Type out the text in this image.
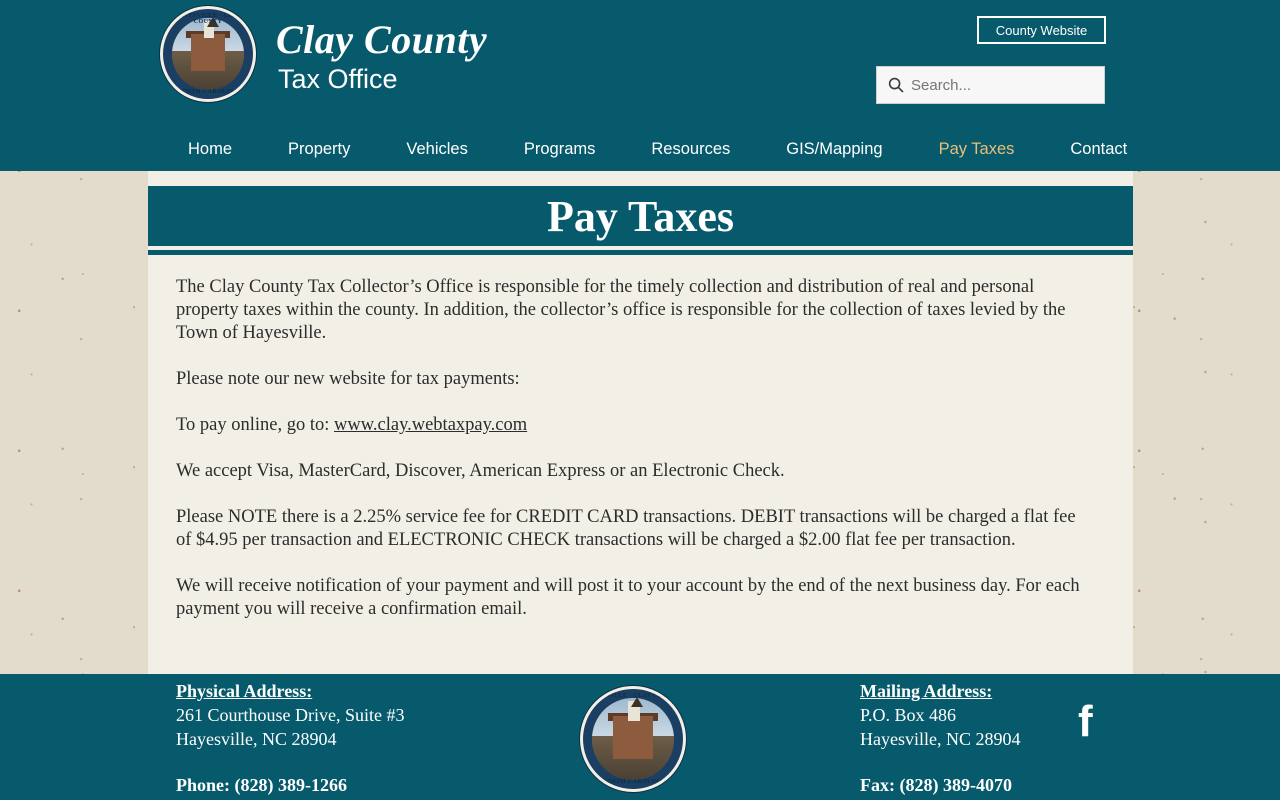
HAYESVILLE · CLAY COUNTY
NORTH CAROLINA
Clay County
Tax Office
County Website
Search...
Home	Property	Vehicles	Programs	Resources	GIS/Mapping	Pay Taxes	Contact
Pay Taxes

The Clay County Tax Collector’s Office is responsible for the timely collection and distribution of real and personal property taxes within the county. In addition, the collector’s office is responsible for the collection of taxes levied by the Town of Hayesville.

Please note our new website for tax payments:

To pay online, go to: www.clay.webtaxpay.com

We accept Visa, MasterCard, Discover, American Express or an Electronic Check.

Please NOTE there is a 2.25% service fee for CREDIT CARD transactions. DEBIT transactions will be charged a flat fee of $4.95 per transaction and ELECTRONIC CHECK transactions will be charged a $2.00 flat fee per transaction.

We will receive notification of your payment and will post it to your account by the end of the next business day. For each payment you will receive a confirmation email.

Physical Address:
261 Courthouse Drive, Suite #3
Hayesville, NC 28904
Phone: (828) 389-1266
Mailing Address:
P.O. Box 486
Hayesville, NC 28904
Fax: (828) 389-4070
HAYESVILLE · CLAY COUNTY
NORTH CAROLINA
f
